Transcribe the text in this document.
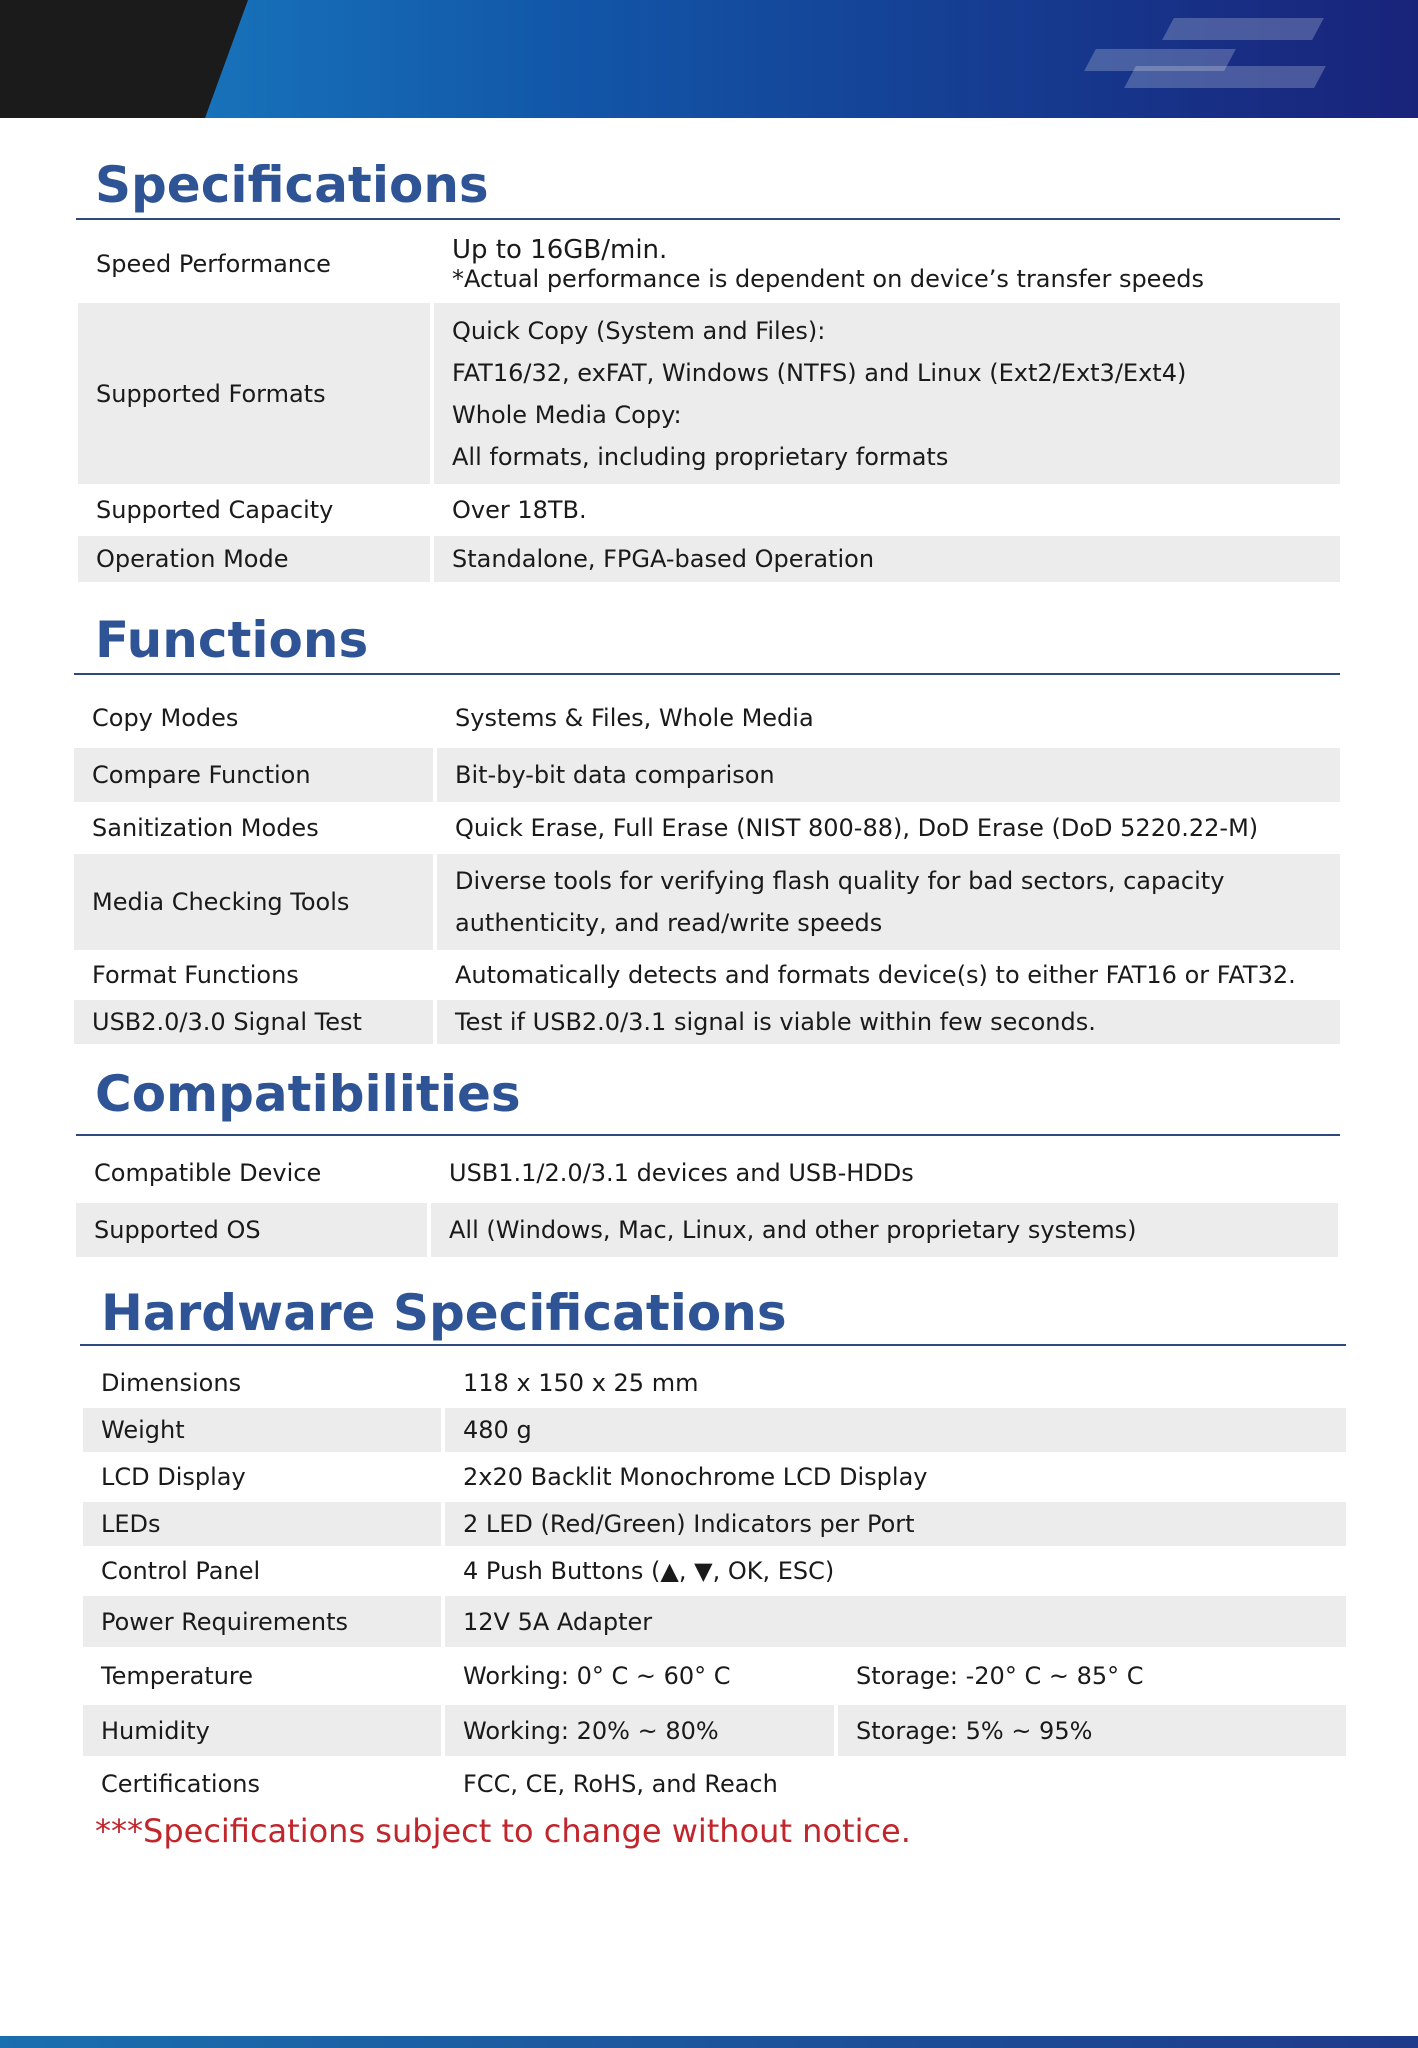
Specifications
Speed Performance	Up to 16GB/min.
*Actual performance is dependent on device’s transfer speeds

Supported Formats	Quick Copy (System and Files):
FAT16/32, exFAT, Windows (NTFS) and Linux (Ext2/Ext3/Ext4)
Whole Media Copy:
All formats, including proprietary formats

Supported Capacity	Over 18TB.
Operation Mode	Standalone, FPGA-based Operation
Functions
Copy Modes	Systems & Files, Whole Media
Compare Function	Bit-by-bit data comparison
Sanitization Modes	Quick Erase, Full Erase (NIST 800-88), DoD Erase (DoD 5220.22-M)
Media Checking Tools	Diverse tools for verifying flash quality for bad sectors, capacity
authenticity, and read/write speeds

Format Functions	Automatically detects and formats device(s) to either FAT16 or FAT32.
USB2.0/3.0 Signal Test	Test if USB2.0/3.1 signal is viable within few seconds.
Compatibilities
Compatible Device	USB1.1/2.0/3.1 devices and USB-HDDs
Supported OS	All (Windows, Mac, Linux, and other proprietary systems)
Hardware Specifications
Dimensions	118 x 150 x 25 mm	
Weight	480 g	
LCD Display	2x20 Backlit Monochrome LCD Display	
LEDs	2 LED (Red/Green) Indicators per Port	
Control Panel	4 Push Buttons (▲, ▼, OK, ESC)	
Power Requirements	12V 5A Adapter	
Temperature	Working: 0° C ~ 60° C	Storage: -20° C ~ 85° C
Humidity	Working: 20% ~ 80%	Storage: 5% ~ 95%
Certifications	FCC, CE, RoHS, and Reach	

***Specifications subject to change without notice.
